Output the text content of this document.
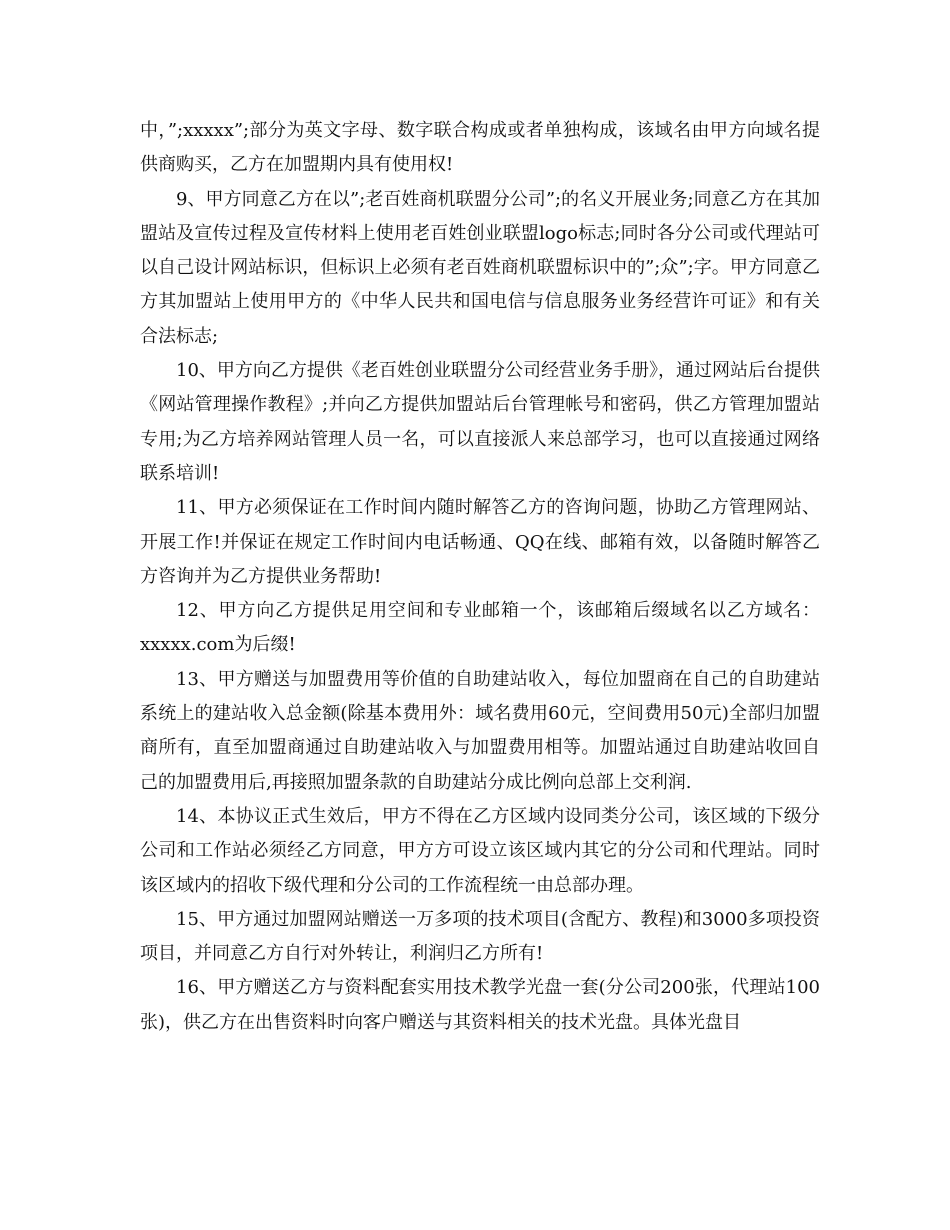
中，”;xxxxx”;部分为英文字母、数字联合构成或者单独构成，该域名由甲方向域名提供商购买，乙方在加盟期内具有使用权!

9、甲方同意乙方在以”;老百姓商机联盟分公司”;的名义开展业务;同意乙方在其加盟站及宣传过程及宣传材料上使用老百姓创业联盟logo标志;同时各分公司或代理站可以自己设计网站标识，但标识上必须有老百姓商机联盟标识中的”;众”;字。甲方同意乙方其加盟站上使用甲方的《中华人民共和国电信与信息服务业务经营许可证》和有关合法标志;

10、甲方向乙方提供《老百姓创业联盟分公司经营业务手册》，通过网站后台提供《网站管理操作教程》;并向乙方提供加盟站后台管理帐号和密码，供乙方管理加盟站专用;为乙方培养网站管理人员一名，可以直接派人来总部学习，也可以直接通过网络联系培训!

11、甲方必须保证在工作时间内随时解答乙方的咨询问题，协助乙方管理网站、开展工作!并保证在规定工作时间内电话畅通、QQ在线、邮箱有效，以备随时解答乙方咨询并为乙方提供业务帮助!

12、甲方向乙方提供足用空间和专业邮箱一个，该邮箱后缀域名以乙方域名：xxxxx.com为后缀!

13、甲方赠送与加盟费用等价值的自助建站收入，每位加盟商在自己的自助建站系统上的建站收入总金额(除基本费用外：域名费用60元，空间费用50元)全部归加盟商所有，直至加盟商通过自助建站收入与加盟费用相等。加盟站通过自助建站收回自己的加盟费用后,再接照加盟条款的自助建站分成比例向总部上交利润.

14、本协议正式生效后，甲方不得在乙方区域内设同类分公司，该区域的下级分公司和工作站必须经乙方同意，甲方方可设立该区域内其它的分公司和代理站。同时该区域内的招收下级代理和分公司的工作流程统一由总部办理。

15、甲方通过加盟网站赠送一万多项的技术项目(含配方、教程)和3000多项投资项目，并同意乙方自行对外转让，利润归乙方所有!

16、甲方赠送乙方与资料配套实用技术教学光盘一套(分公司200张，代理站100张)，供乙方在出售资料时向客户赠送与其资料相关的技术光盘。具体光盘目
